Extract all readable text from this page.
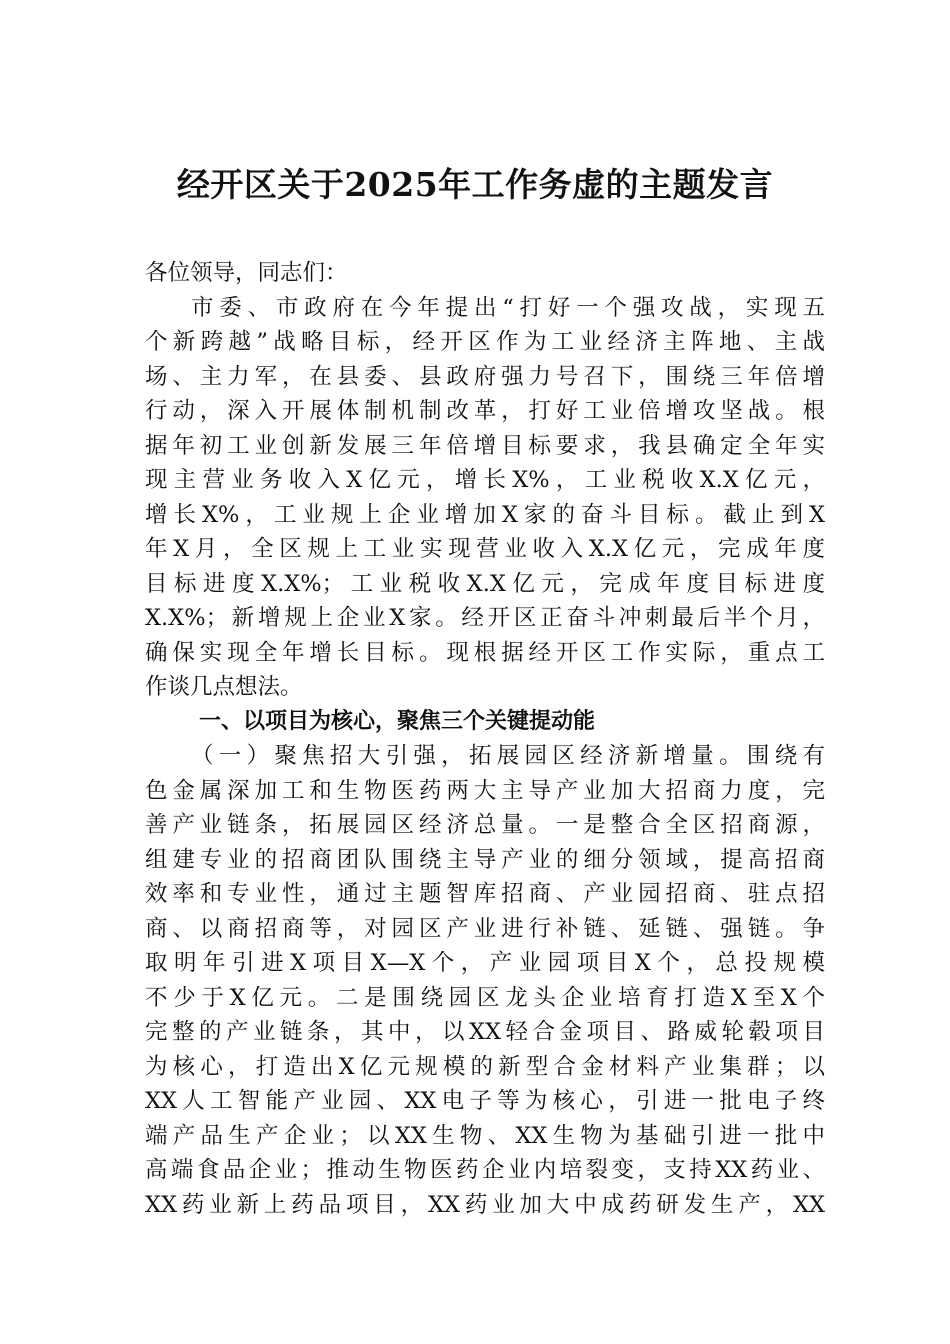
经开区关于2025年工作务虚的主题发言
各位领导，同志们：
市委、市政府在今年提出“打好一个强攻战，实现五
个新跨越”战略目标，经开区作为工业经济主阵地、主战
场、主力军，在县委、县政府强力号召下，围绕三年倍增
行动，深入开展体制机制改革，打好工业倍增攻坚战。根
据年初工业创新发展三年倍增目标要求，我县确定全年实
现主营业务收入X亿元，增长X%，工业税收X.X亿元，
增长X%，工业规上企业增加X家的奋斗目标。截止到X
年X月，全区规上工业实现营业收入X.X亿元，完成年度
目标进度X.X%；工业税收X.X亿元，完成年度目标进度
X.X%；新增规上企业X家。经开区正奋斗冲刺最后半个月，
确保实现全年增长目标。现根据经开区工作实际，重点工
作谈几点想法。
一、以项目为核心，聚焦三个关键提动能
（一）聚焦招大引强，拓展园区经济新增量。围绕有
色金属深加工和生物医药两大主导产业加大招商力度，完
善产业链条，拓展园区经济总量。一是整合全区招商源，
组建专业的招商团队围绕主导产业的细分领域，提高招商
效率和专业性，通过主题智库招商、产业园招商、驻点招
商、以商招商等，对园区产业进行补链、延链、强链。争
取明年引进X项目X—X个，产业园项目X个，总投规模
不少于X亿元。二是围绕园区龙头企业培育打造X至X个
完整的产业链条，其中，以XX轻合金项目、路威轮毂项目
为核心，打造出X亿元规模的新型合金材料产业集群；以
XX人工智能产业园、XX电子等为核心，引进一批电子终
端产品生产企业；以XX生物、XX生物为基础引进一批中
高端食品企业；推动生物医药企业内培裂变，支持XX药业、
XX药业新上药品项目，XX药业加大中成药研发生产，XX
